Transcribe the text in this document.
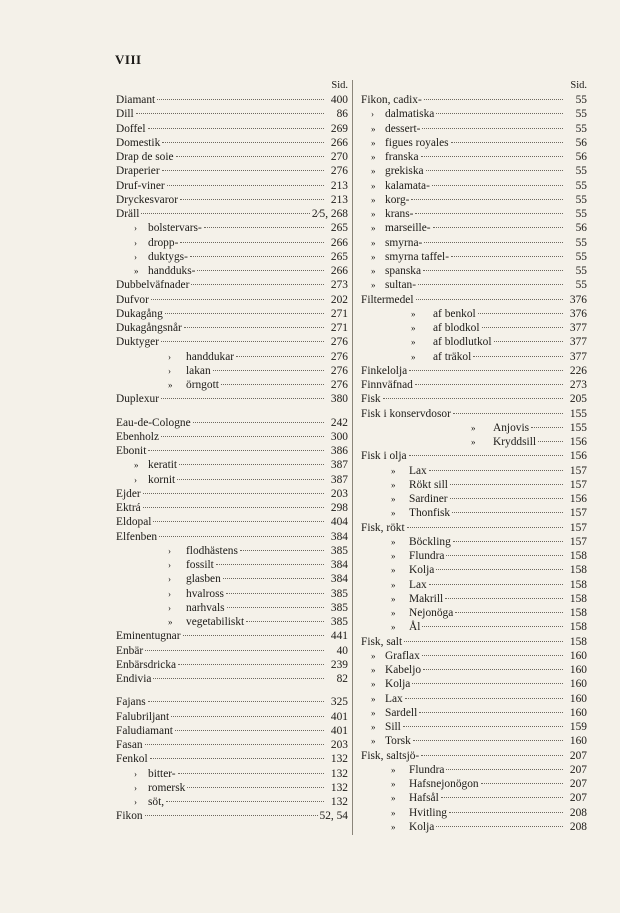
VIII
Sid.
Diamant	400
Dill	86
Doffel	269
Domestik	266
Drap de soie	270
Draperier	276
Druf-viner	213
Dryckesvaror	213
Dräll	2⁄5, 268
› bolstervars-	265
› dropp-	266
› duktygs-	265
» handduks-	266
Dubbelväfnader	273
Dufvor	202
Dukagång	271
Dukagångsnår	271
Duktyger	276
›	handdukar	276
›	lakan	276
»	örngott	276
Duplexur	380
Eau-de-Cologne	242
Ebenholz	300
Ebonit	386
» keratit	387
› kornit	387
Ejder	203
Ektrá	298
Eldopal	404
Elfenben	384
›	flodhästens	385
›	fossilt	384
›	glasben	384
›	hvalross	385
›	narhvals	385
»	vegetabiliskt	385
Eminentugnar	441
Enbär	40
Enbärsdricka	239
Endivia	82
Fajans	325
Falubriljant	401
Faludiamant	401
Fasan	203
Fenkol	132
› bitter-	132
› romersk	132
› söt,	132
Fikon	52, 54
Sid.
Fikon, cadix-	55
› dalmatiska	55
» dessert-	55
» figues royales	56
» franska	56
» grekiska	55
» kalamata-	55
» korg-	55
» krans-	55
» marseille-	56
» smyrna-	55
» smyrna taffel-	55
» spanska	55
» sultan-	55
Filtermedel	376
»	af benkol	376
»	af blodkol	377
»	af blodlutkol	377
»	af träkol	377
Finkelolja	226
Finnväfnad	273
Fisk	205
Fisk i konservdosor	155
»	Anjovis	155
»	Kryddsill	156
Fisk i olja	156
»	Lax	157
»	Rökt sill	157
»	Sardiner	156
»	Thonfisk	157
Fisk, rökt	157
»	Böckling	157
»	Flundra	158
»	Kolja	158
»	Lax	158
»	Makrill	158
»	Nejonöga	158
»	Ål	158
Fisk, salt	158
» Graflax	160
» Kabeljo	160
» Kolja	160
» Lax	160
» Sardell	160
» Sill	159
» Torsk	160
Fisk, saltsjö-	207
»	Flundra	207
»	Hafsnejonögon	207
»	Hafsål	207
»	Hvitling	208
»	Kolja	208
